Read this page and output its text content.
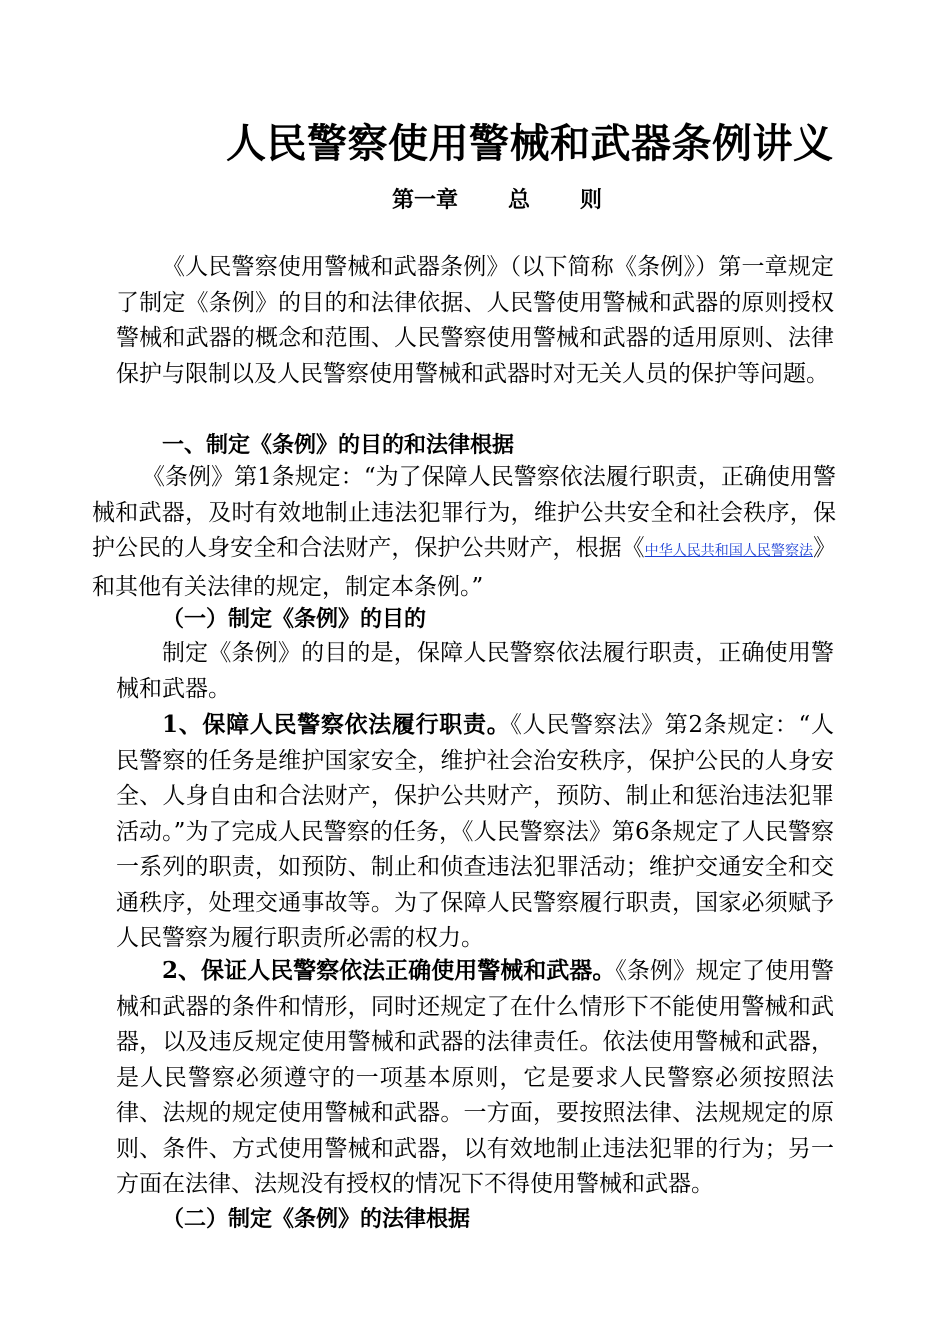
人民警察使用警械和武器条例讲义
第一章 总 则
《人民警察使用警械和武器条例》（以下简称《条例》）第一章规定了制定《条例》的目的和法律依据、人民警使用警械和武器的原则授权警械和武器的概念和范围、人民警察使用警械和武器的适用原则、法律保护与限制以及人民警察使用警械和武器时对无关人员的保护等问题。
一、制定《条例》的目的和法律根据
《条例》第1条规定：“为了保障人民警察依法履行职责，正确使用警械和武器，及时有效地制止违法犯罪行为，维护公共安全和社会秩序，保护公民的人身安全和合法财产，保护公共财产，根据《中华人民共和国人民警察法》和其他有关法律的规定，制定本条例。”
（一）制定《条例》的目的
制定《条例》的目的是，保障人民警察依法履行职责，正确使用警械和武器。
1、保障人民警察依法履行职责。《人民警察法》第2条规定：“人民警察的任务是维护国家安全，维护社会治安秩序，保护公民的人身安全、人身自由和合法财产，保护公共财产，预防、制止和惩治违法犯罪活动。”为了完成人民警察的任务，《人民警察法》第6条规定了人民警察一系列的职责，如预防、制止和侦查违法犯罪活动；维护交通安全和交通秩序，处理交通事故等。为了保障人民警察履行职责，国家必须赋予人民警察为履行职责所必需的权力。
2、保证人民警察依法正确使用警械和武器。《条例》规定了使用警械和武器的条件和情形，同时还规定了在什么情形下不能使用警械和武器，以及违反规定使用警械和武器的法律责任。依法使用警械和武器，是人民警察必须遵守的一项基本原则，它是要求人民警察必须按照法律、法规的规定使用警械和武器。一方面，要按照法律、法规规定的原则、条件、方式使用警械和武器，以有效地制止违法犯罪的行为；另一方面在法律、法规没有授权的情况下不得使用警械和武器。
（二）制定《条例》的法律根据
